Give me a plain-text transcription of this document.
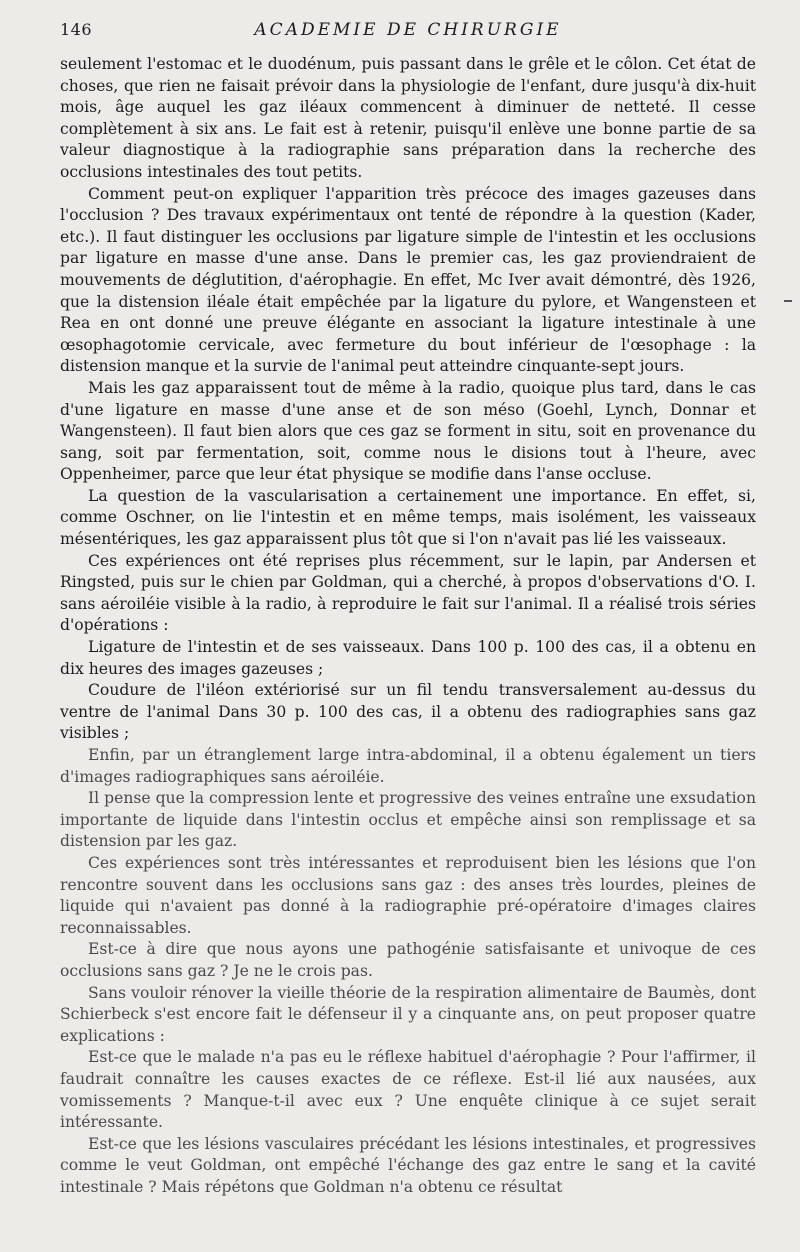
146	ACADEMIE DE CHIRURGIE

seulement l'estomac et le duodénum, puis passant dans le grêle et le côlon. Cet état de choses, que rien ne faisait prévoir dans la physiologie de l'enfant, dure jusqu'à dix-huit mois, âge auquel les gaz iléaux commencent à diminuer de netteté. Il cesse complètement à six ans. Le fait est à retenir, puisqu'il enlève une bonne partie de sa valeur diagnostique à la radiographie sans préparation dans la recherche des occlusions intestinales des tout petits.

Comment peut-on expliquer l'apparition très précoce des images gazeuses dans l'occlusion ? Des travaux expérimentaux ont tenté de répondre à la question (Kader, etc.). Il faut distinguer les occlusions par ligature simple de l'intestin et les occlusions par ligature en masse d'une anse. Dans le premier cas, les gaz proviendraient de mouvements de déglutition, d'aérophagie. En effet, Mc Iver avait démontré, dès 1926, que la distension iléale était empêchée par la ligature du pylore, et Wangensteen et Rea en ont donné une preuve élégante en associant la ligature intestinale à une œsophagotomie cervicale, avec fermeture du bout inférieur de l'œsophage : la distension manque et la survie de l'animal peut atteindre cinquante-sept jours.

Mais les gaz apparaissent tout de même à la radio, quoique plus tard, dans le cas d'une ligature en masse d'une anse et de son méso (Goehl, Lynch, Donnar et Wangensteen). Il faut bien alors que ces gaz se forment in situ, soit en provenance du sang, soit par fermentation, soit, comme nous le disions tout à l'heure, avec Oppenheimer, parce que leur état physique se modifie dans l'anse occluse.

La question de la vascularisation a certainement une importance. En effet, si, comme Oschner, on lie l'intestin et en même temps, mais isolément, les vaisseaux mésentériques, les gaz apparaissent plus tôt que si l'on n'avait pas lié les vaisseaux.

Ces expériences ont été reprises plus récemment, sur le lapin, par Andersen et Ringsted, puis sur le chien par Goldman, qui a cherché, à propos d'observations d'O. I. sans aéroiléie visible à la radio, à reproduire le fait sur l'animal. Il a réalisé trois séries d'opérations :

Ligature de l'intestin et de ses vaisseaux. Dans 100 p. 100 des cas, il a obtenu en dix heures des images gazeuses ;

Coudure de l'iléon extériorisé sur un fil tendu transversalement au-dessus du ventre de l'animal Dans 30 p. 100 des cas, il a obtenu des radiographies sans gaz visibles ;

Enfin, par un étranglement large intra-abdominal, il a obtenu également un tiers d'images radiographiques sans aéroiléie.

Il pense que la compression lente et progressive des veines entraîne une exsudation importante de liquide dans l'intestin occlus et empêche ainsi son remplissage et sa distension par les gaz.

Ces expériences sont très intéressantes et reproduisent bien les lésions que l'on rencontre souvent dans les occlusions sans gaz : des anses très lourdes, pleines de liquide qui n'avaient pas donné à la radiographie pré-opératoire d'images claires reconnaissables.

Est-ce à dire que nous ayons une pathogénie satisfaisante et univoque de ces occlusions sans gaz ? Je ne le crois pas.

Sans vouloir rénover la vieille théorie de la respiration alimentaire de Baumès, dont Schierbeck s'est encore fait le défenseur il y a cinquante ans, on peut proposer quatre explications :

Est-ce que le malade n'a pas eu le réflexe habituel d'aérophagie ? Pour l'affirmer, il faudrait connaître les causes exactes de ce réflexe. Est-il lié aux nausées, aux vomissements ? Manque-t-il avec eux ? Une enquête clinique à ce sujet serait intéressante.

Est-ce que les lésions vasculaires précédant les lésions intestinales, et progressives comme le veut Goldman, ont empêché l'échange des gaz entre le sang et la cavité intestinale ? Mais répétons que Goldman n'a obtenu ce résultat
